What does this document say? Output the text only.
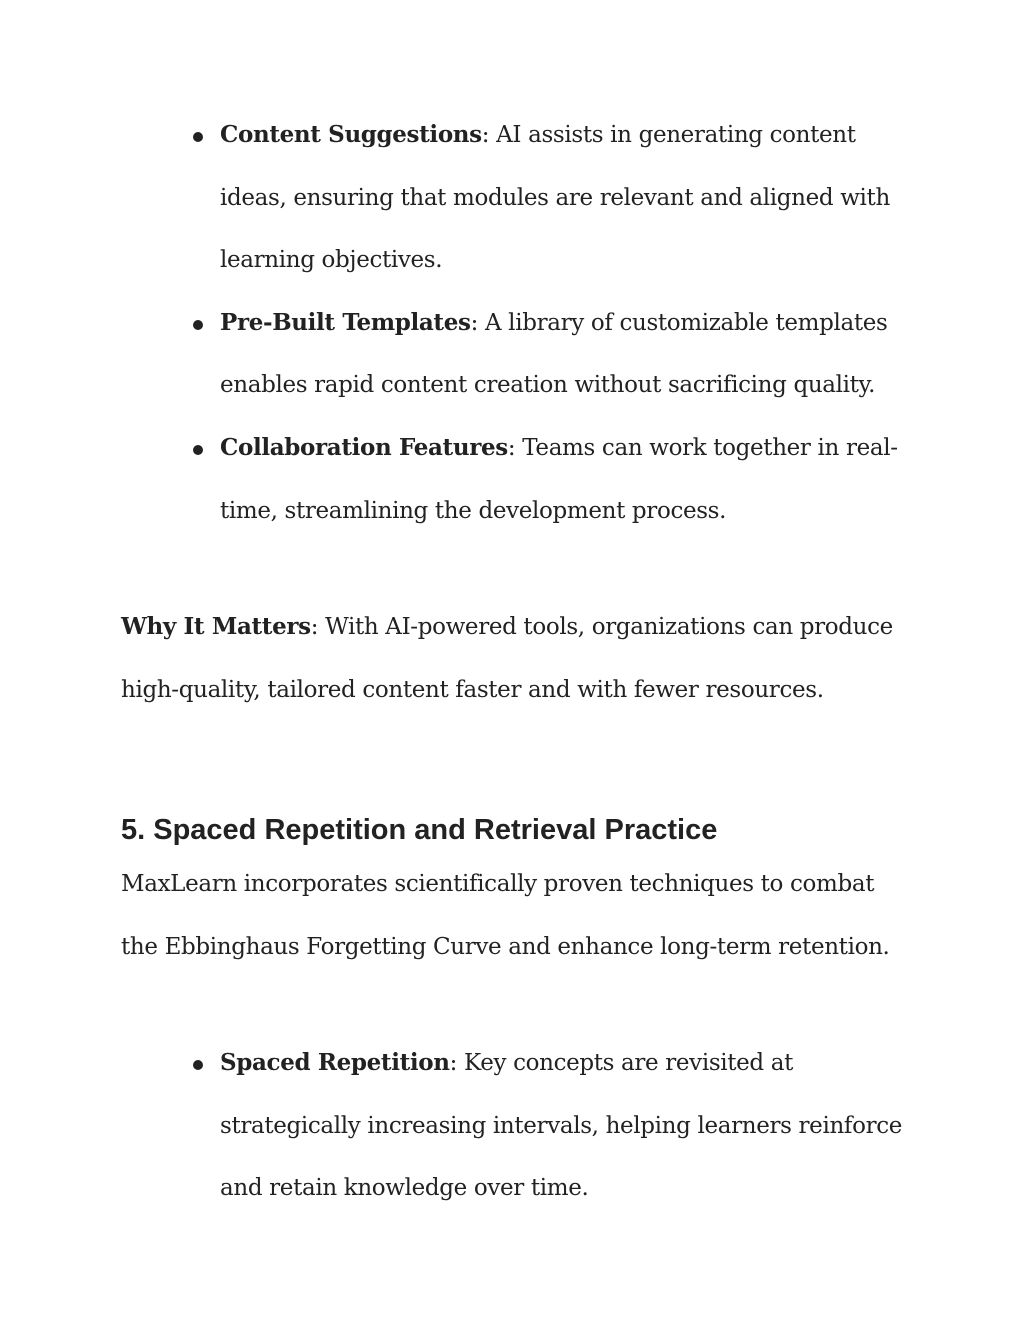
Content Suggestions: AI assists in generating content ideas, ensuring that modules are relevant and aligned with learning objectives.
Pre-Built Templates: A library of customizable templates enables rapid content creation without sacrificing quality.
Collaboration Features: Teams can work together in real-time, streamlining the development process.

Why It Matters: With AI-powered tools, organizations can produce high-quality, tailored content faster and with fewer resources.

5. Spaced Repetition and Retrieval Practice

MaxLearn incorporates scientifically proven techniques to combat the Ebbinghaus Forgetting Curve and enhance long-term retention.

Spaced Repetition: Key concepts are revisited at strategically increasing intervals, helping learners reinforce and retain knowledge over time.
